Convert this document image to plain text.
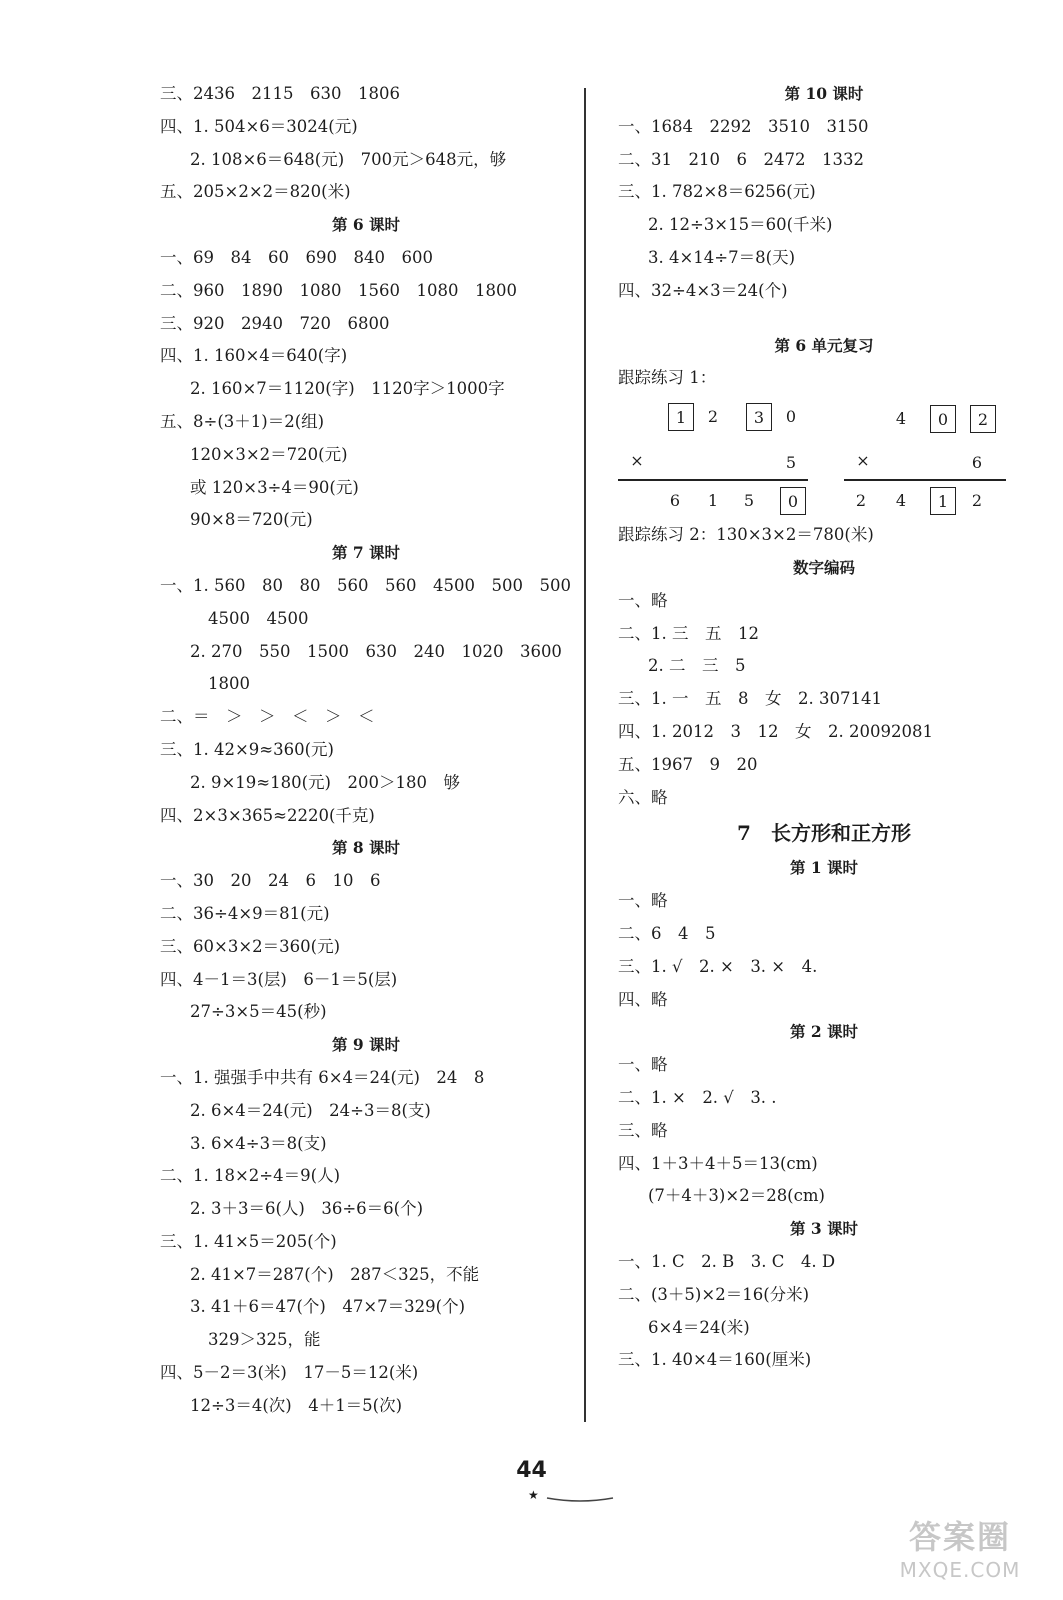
三、2436　2115　630　1806
四、1. 504×6＝3024(元)
2. 108×6＝648(元)　700元＞648元，够
五、205×2×2＝820(米)
第 6 课时
一、69　84　60　690　840　600
二、960　1890　1080　1560　1080　1800
三、920　2940　720　6800
四、1. 160×4＝640(字)
2. 160×7＝1120(字)　1120字＞1000字
五、8÷(3＋1)＝2(组)
120×3×2＝720(元)
或 120×3÷4＝90(元)
90×8＝720(元)
第 7 课时
一、1. 560　80　80　560　560　4500　500　500
4500　4500
2. 270　550　1500　630　240　1020　3600
1800
二、＝　＞　＞　＜　＞　＜
三、1. 42×9≈360(元)
2. 9×19≈180(元)　200＞180　够
四、2×3×365≈2220(千克)
第 8 课时
一、30　20　24　6　10　6
二、36÷4×9＝81(元)
三、60×3×2＝360(元)
四、4－1＝3(层)　6－1＝5(层)
27÷3×5＝45(秒)
第 9 课时
一、1. 强强手中共有 6×4＝24(元)　24　8
2. 6×4＝24(元)　24÷3＝8(支)
3. 6×4÷3＝8(支)
二、1. 18×2÷4＝9(人)
2. 3＋3＝6(人)　36÷6＝6(个)
三、1. 41×5＝205(个)
2. 41×7＝287(个)　287＜325，不能
3. 41＋6＝47(个)　47×7＝329(个)
329＞325，能
四、5－2＝3(米)　17－5＝12(米)
12÷3＝4(次)　4＋1＝5(次)
第 10 课时
一、1684　2292　3510　3150
二、31　210　6　2472　1332
三、1. 782×8＝6256(元)
2. 12÷3×15＝60(千米)
3. 4×14÷7＝8(天)
四、32÷4×3＝24(个)
第 6 单元复习
跟踪练习 1：
1	2	3	0
×	5
6	1	5	0
4	0	2
×	6
2	4	1	2
跟踪练习 2：130×3×2＝780(米)
数字编码
一、略
二、1. 三　五　12
2. 二　三　5
三、1. 一　五　8　女　2. 307141
四、1. 2012　3　12　女　2. 20092081
五、1967　9　20
六、略
7　长方形和正方形
第 1 课时
一、略
二、6　4　5
三、1. √　2. ×　3. ×　4.
四、略
第 2 课时
一、略
二、1. ×　2. √　3. .
三、略
四、1＋3＋4＋5＝13(cm)
(7＋4＋3)×2＝28(cm)
第 3 课时
一、1. C　2. B　3. C　4. D
二、(3＋5)×2＝16(分米)
6×4＝24(米)
三、1. 40×4＝160(厘米)
44
★
答案圈
MXQE.COM
